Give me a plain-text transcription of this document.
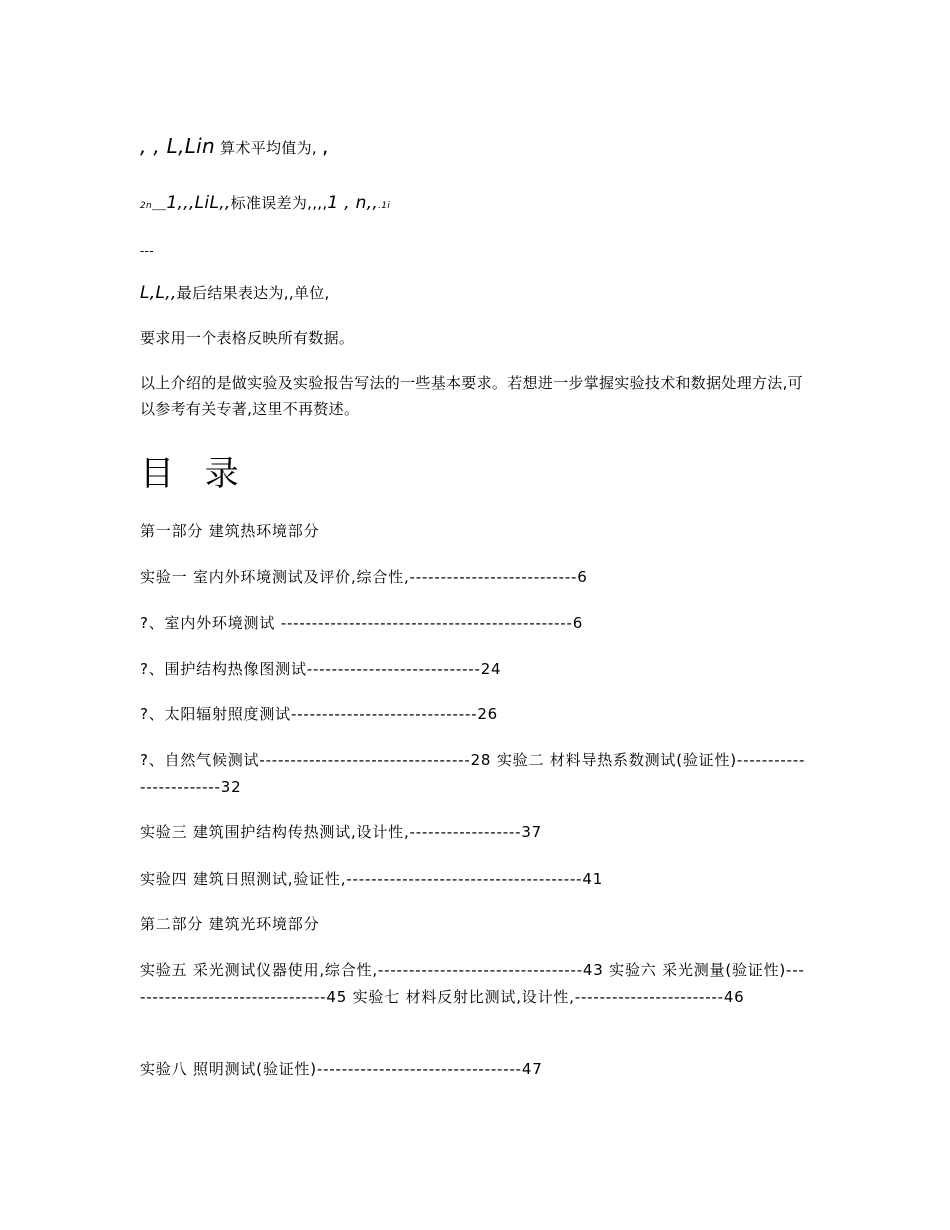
, , L,Lin 算术平均值为, ,
2n___1,,,LiL,,标准误差为,,,,1 , n,,.1i
---
L,L,,最后结果表达为,,单位,
要求用一个表格反映所有数据。
以上介绍的是做实验及实验报告写法的一些基本要求。若想进一步掌握实验技术和数据处理方法,可以参考有关专著,这里不再赘述。
目 录
第一部分 建筑热环境部分
实验一 室内外环境测试及评价,综合性,---------------------------6
?、室内外环境测试 -----------------------------------------------6
?、围护结构热像图测试----------------------------24
?、太阳辐射照度测试------------------------------26
?、自然气候测试----------------------------------28 实验二 材料导热系数测试(验证性)------------------------32
实验三 建筑围护结构传热测试,设计性,------------------37
实验四 建筑日照测试,验证性,--------------------------------------41
第二部分 建筑光环境部分
实验五 采光测试仪器使用,综合性,---------------------------------43 实验六 采光测量(验证性)---------------------------------45 实验七 材料反射比测试,设计性,------------------------46
实验八 照明测试(验证性)---------------------------------47
